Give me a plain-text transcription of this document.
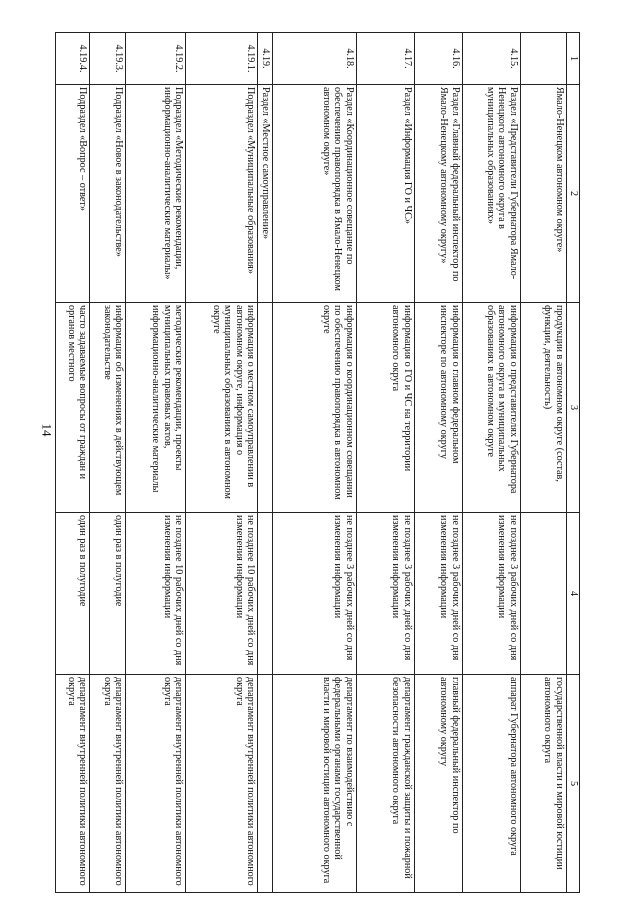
14
1	2	3	4	5
	Ямало-Ненецком автономном округе»	продукции в автономном округе (состав, функции, деятельность)		государственной власти и мировой юстиции автономного округа
4.15.	Раздел «Представители Губернатора Ямало-Ненецкого автономного округа в муниципальных образованиях»	информация о представителях Губернатора автономного округа в муниципальных образованиях в автономном округе	не позднее 3 рабочих дней со дня изменения информации	аппарат Губернатора автономного округа
4.16.	Раздел «Главный федеральный инспектор по Ямало-Ненецкому автономному округу»	информация о главном федеральном инспекторе по автономному округу	не позднее 3 рабочих дней со дня изменения информации	главный федеральный инспектор по автономному округу
4.17.	Раздел «Информация ГО и ЧС»	информация о ГО и ЧС на территории автономного округа	не позднее 3 рабочих дней со дня изменения информации	департамент гражданской защиты и пожарной безопасности автономного округа
4.18.	Раздел «Координационное совещание по обеспечению правопорядка в Ямало-Ненецком автономном округе»	информация о координационном совещании по обеспечению правопорядка в автономном округе	не позднее 3 рабочих дней со дня изменения информации	департамент по взаимодействию с федеральными органами государственной власти и мировой юстиции автономного округа
4.19.	Раздел «Местное самоуправление»			
4.19.1.	Подраздел «Муниципальные образования»	информация о местном самоуправлении в автономном округе, информация о муниципальных образованиях в автономном округе	не позднее 10 рабочих дней со дня изменения информации	департамент внутренней политики автономного округа
4.19.2.	Подраздел «Методические рекомендации, информационно-аналитические материалы»	методические рекомендации, проекты муниципальных правовых актов, информационно-аналитические материалы	не позднее 10 рабочих дней со дня изменения информации	департамент внутренней политики автономного округа
4.19.3.	Подраздел «Новое в законодательстве»	информация об изменениях в действующем законодательстве	один раз в полугодие	департамент внутренней политики автономного округа
4.19.4.	Подраздел «Вопрос – ответ»	часто задаваемые вопросы от граждан и органов местного	один раз в полугодие	департамент внутренней политики автономного округа
